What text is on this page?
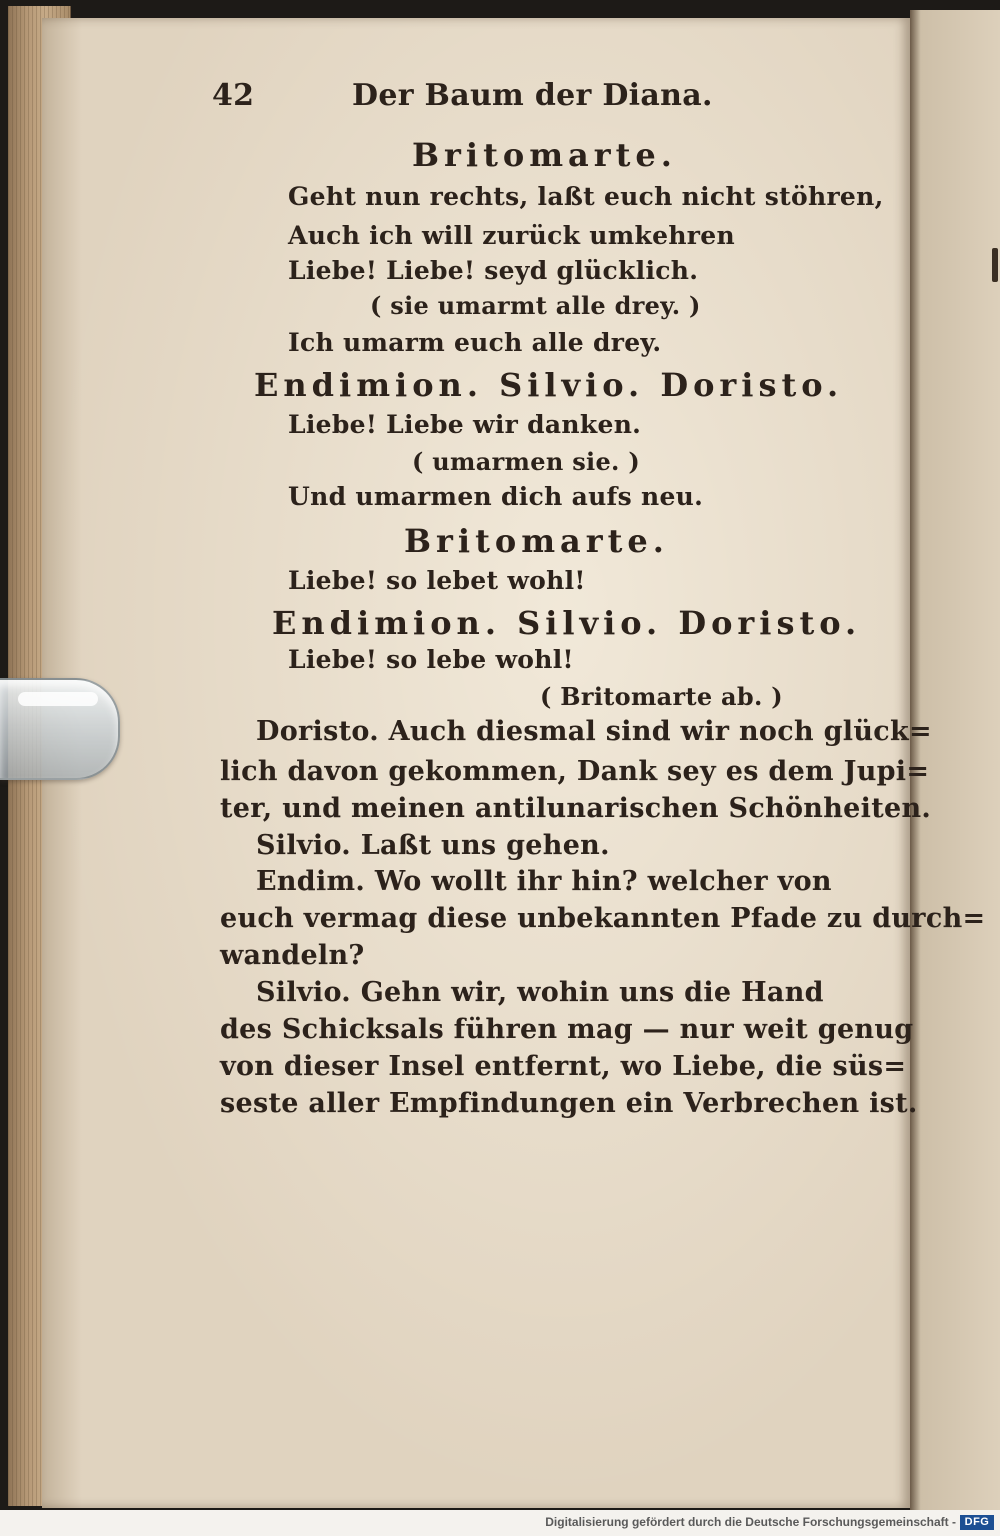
42	Der Baum der Diana.
Britomarte.
Geht nun rechts, laßt euch nicht stöhren,
Auch ich will zurück umkehren
Liebe! Liebe! seyd glücklich.
( sie umarmt alle drey. )
Ich umarm euch alle drey.
Endimion. Silvio. Doristo.
Liebe! Liebe wir danken.
( umarmen sie. )
Und umarmen dich aufs neu.
Britomarte.
Liebe! so lebet wohl!
Endimion. Silvio. Doristo.
Liebe! so lebe wohl!
( Britomarte ab. )
Doristo. Auch diesmal sind wir noch glück=
lich davon gekommen, Dank sey es dem Jupi=
ter, und meinen antilunarischen Schönheiten.
Silvio. Laßt uns gehen.
Endim. Wo wollt ihr hin? welcher von
euch vermag diese unbekannten Pfade zu durch=
wandeln?
Silvio. Gehn wir, wohin uns die Hand
des Schicksals führen mag — nur weit genug
von dieser Insel entfernt, wo Liebe, die süs=
seste aller Empfindungen ein Verbrechen ist.
Digitalisierung gefördert durch die Deutsche Forschungsgemeinschaft - DFG
